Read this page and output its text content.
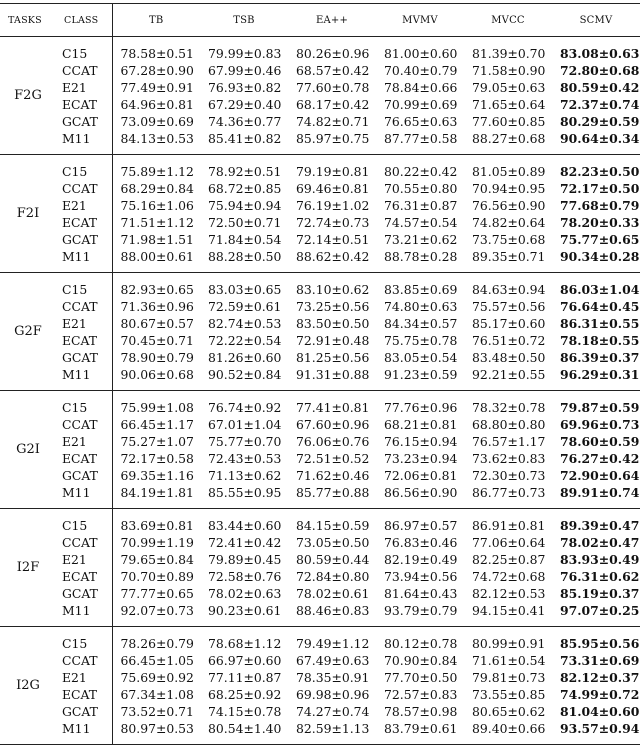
TASKS	CLASS	TB	TSB	EA++	MVMV	MVCC	SCMV
F2G	C15	78.58±0.51	79.99±0.83	80.26±0.96	81.00±0.60	81.39±0.70	83.08±0.63
	CCAT	67.28±0.90	67.99±0.46	68.57±0.42	70.40±0.79	71.58±0.90	72.80±0.68
	E21	77.49±0.91	76.93±0.82	77.60±0.78	78.84±0.66	79.05±0.63	80.59±0.42
	ECAT	64.96±0.81	67.29±0.40	68.17±0.42	70.99±0.69	71.65±0.64	72.37±0.74
	GCAT	73.09±0.69	74.36±0.77	74.82±0.71	76.65±0.63	77.60±0.85	80.29±0.59
	M11	84.13±0.53	85.41±0.82	85.97±0.75	87.77±0.58	88.27±0.68	90.64±0.34
F2I	C15	75.89±1.12	78.92±0.51	79.19±0.81	80.22±0.42	81.05±0.89	82.23±0.50
	CCAT	68.29±0.84	68.72±0.85	69.46±0.81	70.55±0.80	70.94±0.95	72.17±0.50
	E21	75.16±1.06	75.94±0.94	76.19±1.02	76.31±0.87	76.56±0.90	77.68±0.79
	ECAT	71.51±1.12	72.50±0.71	72.74±0.73	74.57±0.54	74.82±0.64	78.20±0.33
	GCAT	71.98±1.51	71.84±0.54	72.14±0.51	73.21±0.62	73.75±0.68	75.77±0.65
	M11	88.00±0.61	88.28±0.50	88.62±0.42	88.78±0.28	89.35±0.71	90.34±0.28
G2F	C15	82.93±0.65	83.03±0.65	83.10±0.62	83.85±0.69	84.63±0.94	86.03±1.04
	CCAT	71.36±0.96	72.59±0.61	73.25±0.56	74.80±0.63	75.57±0.56	76.64±0.45
	E21	80.67±0.57	82.74±0.53	83.50±0.50	84.34±0.57	85.17±0.60	86.31±0.55
	ECAT	70.45±0.71	72.22±0.54	72.91±0.48	75.75±0.78	76.51±0.72	78.18±0.55
	GCAT	78.90±0.79	81.26±0.60	81.25±0.56	83.05±0.54	83.48±0.50	86.39±0.37
	M11	90.06±0.68	90.52±0.84	91.31±0.88	91.23±0.59	92.21±0.55	96.29±0.31
G2I	C15	75.99±1.08	76.74±0.92	77.41±0.81	77.76±0.96	78.32±0.78	79.87±0.59
	CCAT	66.45±1.17	67.01±1.04	67.60±0.96	68.21±0.81	68.80±0.80	69.96±0.73
	E21	75.27±1.07	75.77±0.70	76.06±0.76	76.15±0.94	76.57±1.17	78.60±0.59
	ECAT	72.17±0.58	72.43±0.53	72.51±0.52	73.23±0.94	73.62±0.83	76.27±0.42
	GCAT	69.35±1.16	71.13±0.62	71.62±0.46	72.06±0.81	72.30±0.73	72.90±0.64
	M11	84.19±1.81	85.55±0.95	85.77±0.88	86.56±0.90	86.77±0.73	89.91±0.74
I2F	C15	83.69±0.81	83.44±0.60	84.15±0.59	86.97±0.57	86.91±0.81	89.39±0.47
	CCAT	70.99±1.19	72.41±0.42	73.05±0.50	76.83±0.46	77.06±0.64	78.02±0.47
	E21	79.65±0.84	79.89±0.45	80.59±0.44	82.19±0.49	82.25±0.87	83.93±0.49
	ECAT	70.70±0.89	72.58±0.76	72.84±0.80	73.94±0.56	74.72±0.68	76.31±0.62
	GCAT	77.77±0.65	78.02±0.63	78.02±0.61	81.64±0.43	82.12±0.53	85.19±0.37
	M11	92.07±0.73	90.23±0.61	88.46±0.83	93.79±0.79	94.15±0.41	97.07±0.25
I2G	C15	78.26±0.79	78.68±1.12	79.49±1.12	80.12±0.78	80.99±0.91	85.95±0.56
	CCAT	66.45±1.05	66.97±0.60	67.49±0.63	70.90±0.84	71.61±0.54	73.31±0.69
	E21	75.69±0.92	77.11±0.87	78.35±0.91	77.70±0.50	79.81±0.73	82.12±0.37
	ECAT	67.34±1.08	68.25±0.92	69.98±0.96	72.57±0.83	73.55±0.85	74.99±0.72
	GCAT	73.52±0.71	74.15±0.78	74.27±0.74	78.57±0.98	80.65±0.62	81.04±0.60
	M11	80.97±0.53	80.54±1.40	82.59±1.13	83.79±0.61	89.40±0.66	93.57±0.94
